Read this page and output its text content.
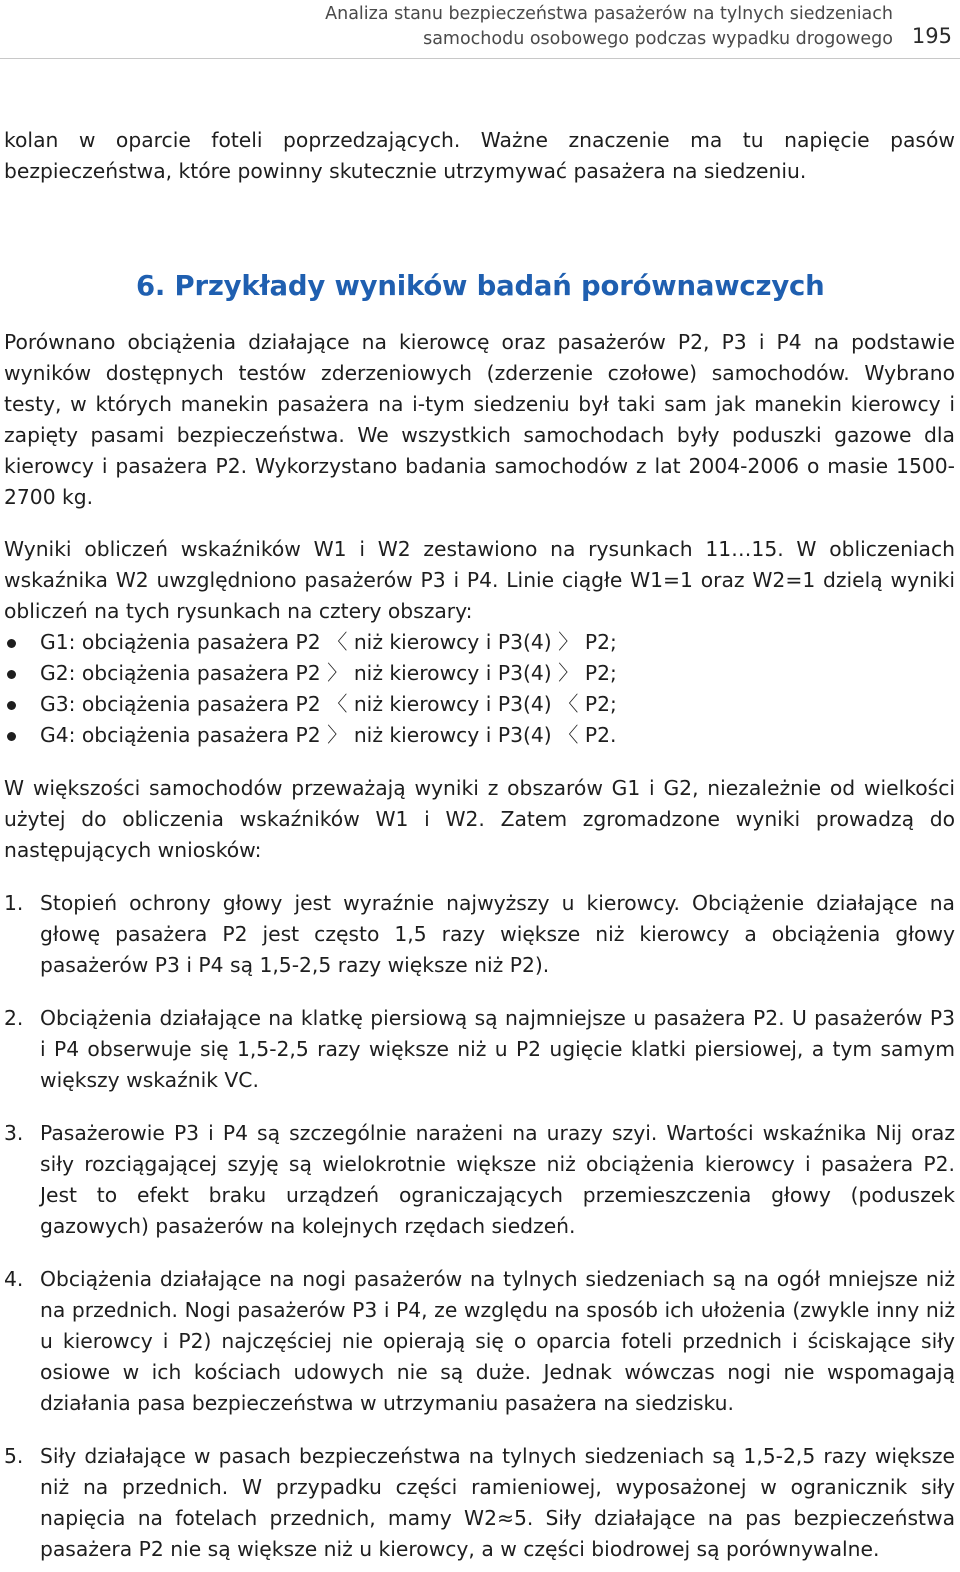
Analiza stanu bezpieczeństwa pasażerów na tylnych siedzeniach
samochodu osobowego podczas wypadku drogowego 195

kolan w oparcie foteli poprzedzających. Ważne znaczenie ma tu napięcie pasów bezpieczeństwa, które powinny skutecznie utrzymywać pasażera na siedzeniu.

6. Przykłady wyników badań porównawczych

Porównano obciążenia działające na kierowcę oraz pasażerów P2, P3 i P4 na podstawie wyników dostępnych testów zderzeniowych (zderzenie czołowe) samochodów. Wybrano testy, w których manekin pasażera na i-tym siedzeniu był taki sam jak manekin kierowcy i zapięty pasami bezpieczeństwa. We wszystkich samochodach były poduszki gazowe dla kierowcy i pasażera P2. Wykorzystano badania samochodów z lat 2004-2006 o masie 1500-2700 kg.

Wyniki obliczeń wskaźników W1 i W2 zestawiono na rysunkach 11…15. W obliczeniach wskaźnika W2 uwzględniono pasażerów P3 i P4. Linie ciągłe W1=1 oraz W2=1 dzielą wyniki obliczeń na tych rysunkach na cztery obszary:

G1: obciążenia pasażera P2 〈 niż kierowcy i P3(4) 〉 P2;
G2: obciążenia pasażera P2 〉 niż kierowcy i P3(4) 〉 P2;
G3: obciążenia pasażera P2 〈 niż kierowcy i P3(4) 〈 P2;
G4: obciążenia pasażera P2 〉 niż kierowcy i P3(4) 〈 P2.

W większości samochodów przeważają wyniki z obszarów G1 i G2, niezależnie od wielkości użytej do obliczenia wskaźników W1 i W2. Zatem zgromadzone wyniki prowadzą do następujących wniosków:

1. Stopień ochrony głowy jest wyraźnie najwyższy u kierowcy. Obciążenie działające na głowę pasażera P2 jest często 1,5 razy większe niż kierowcy a obciążenia głowy pasażerów P3 i P4 są 1,5-2,5 razy większe niż P2).
2. Obciążenia działające na klatkę piersiową są najmniejsze u pasażera P2. U pasażerów P3 i P4 obserwuje się 1,5-2,5 razy większe niż u P2 ugięcie klatki piersiowej, a tym samym większy wskaźnik VC.
3. Pasażerowie P3 i P4 są szczególnie narażeni na urazy szyi. Wartości wskaźnika Nij oraz siły rozciągającej szyję są wielokrotnie większe niż obciążenia kierowcy i pasażera P2. Jest to efekt braku urządzeń ograniczających przemieszczenia głowy (poduszek gazowych) pasażerów na kolejnych rzędach siedzeń.
4. Obciążenia działające na nogi pasażerów na tylnych siedzeniach są na ogół mniejsze niż na przednich. Nogi pasażerów P3 i P4, ze względu na sposób ich ułożenia (zwykle inny niż u kierowcy i P2) najczęściej nie opierają się o oparcia foteli przednich i ściskające siły osiowe w ich kościach udowych nie są duże. Jednak wówczas nogi nie wspomagają działania pasa bezpieczeństwa w utrzymaniu pasażera na siedzisku.
5. Siły działające w pasach bezpieczeństwa na tylnych siedzeniach są 1,5-2,5 razy większe niż na przednich. W przypadku części ramieniowej, wyposażonej w ogranicznik siły napięcia na fotelach przednich, mamy W2≈5. Siły działające na pas bezpieczeństwa pasażera P2 nie są większe niż u kierowcy, a w części biodrowej są porównywalne.
